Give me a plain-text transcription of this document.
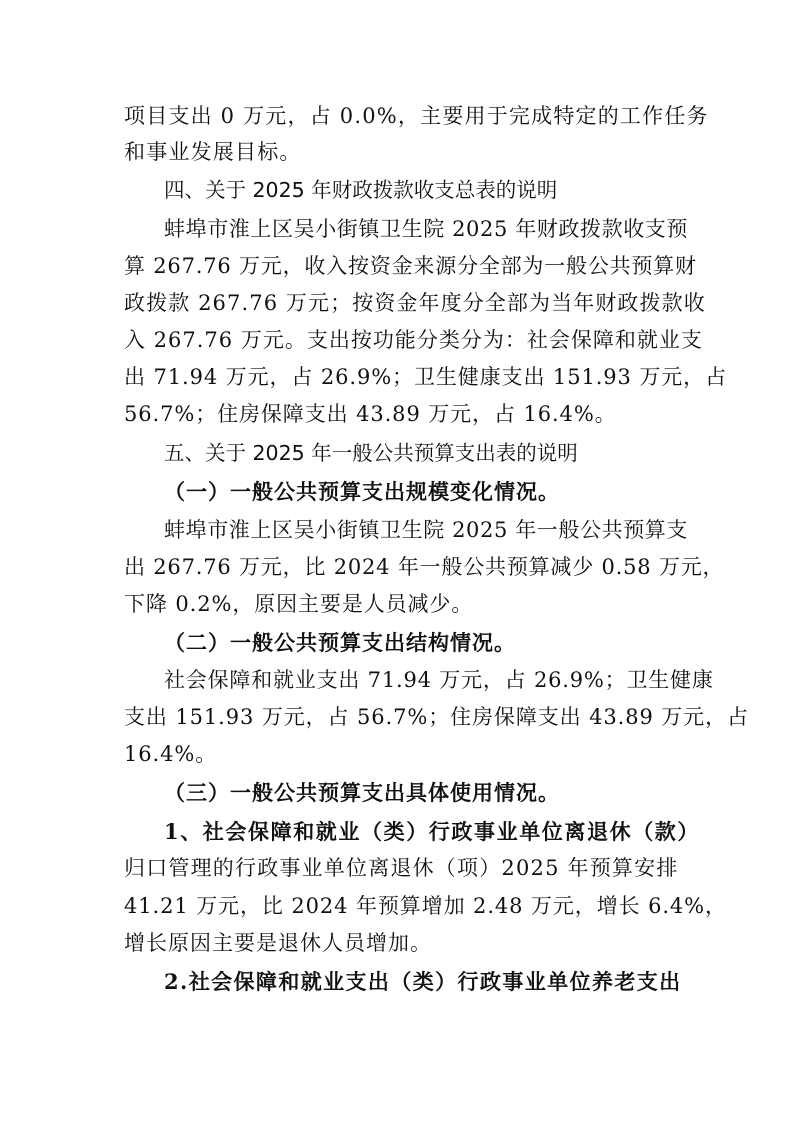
项目支出 0 万元，占 0.0%，主要用于完成特定的工作任务
和事业发展目标。
四、关于 2025 年财政拨款收支总表的说明
蚌埠市淮上区吴小街镇卫生院 2025 年财政拨款收支预
算 267.76 万元，收入按资金来源分全部为一般公共预算财
政拨款 267.76 万元；按资金年度分全部为当年财政拨款收
入 267.76 万元。支出按功能分类分为：社会保障和就业支
出 71.94 万元，占 26.9%；卫生健康支出 151.93 万元，占
56.7%；住房保障支出 43.89 万元，占 16.4%。
五、关于 2025 年一般公共预算支出表的说明
（一）一般公共预算支出规模变化情况。
蚌埠市淮上区吴小街镇卫生院 2025 年一般公共预算支
出 267.76 万元，比 2024 年一般公共预算减少 0.58 万元，
下降 0.2%，原因主要是人员减少。
（二）一般公共预算支出结构情况。
社会保障和就业支出 71.94 万元，占 26.9%；卫生健康
支出 151.93 万元，占 56.7%；住房保障支出 43.89 万元，占
16.4%。
（三）一般公共预算支出具体使用情况。
1、社会保障和就业（类）行政事业单位离退休（款）
归口管理的行政事业单位离退休（项）2025 年预算安排
41.21 万元，比 2024 年预算增加 2.48 万元，增长 6.4%，
增长原因主要是退休人员增加。
2.社会保障和就业支出（类）行政事业单位养老支出
